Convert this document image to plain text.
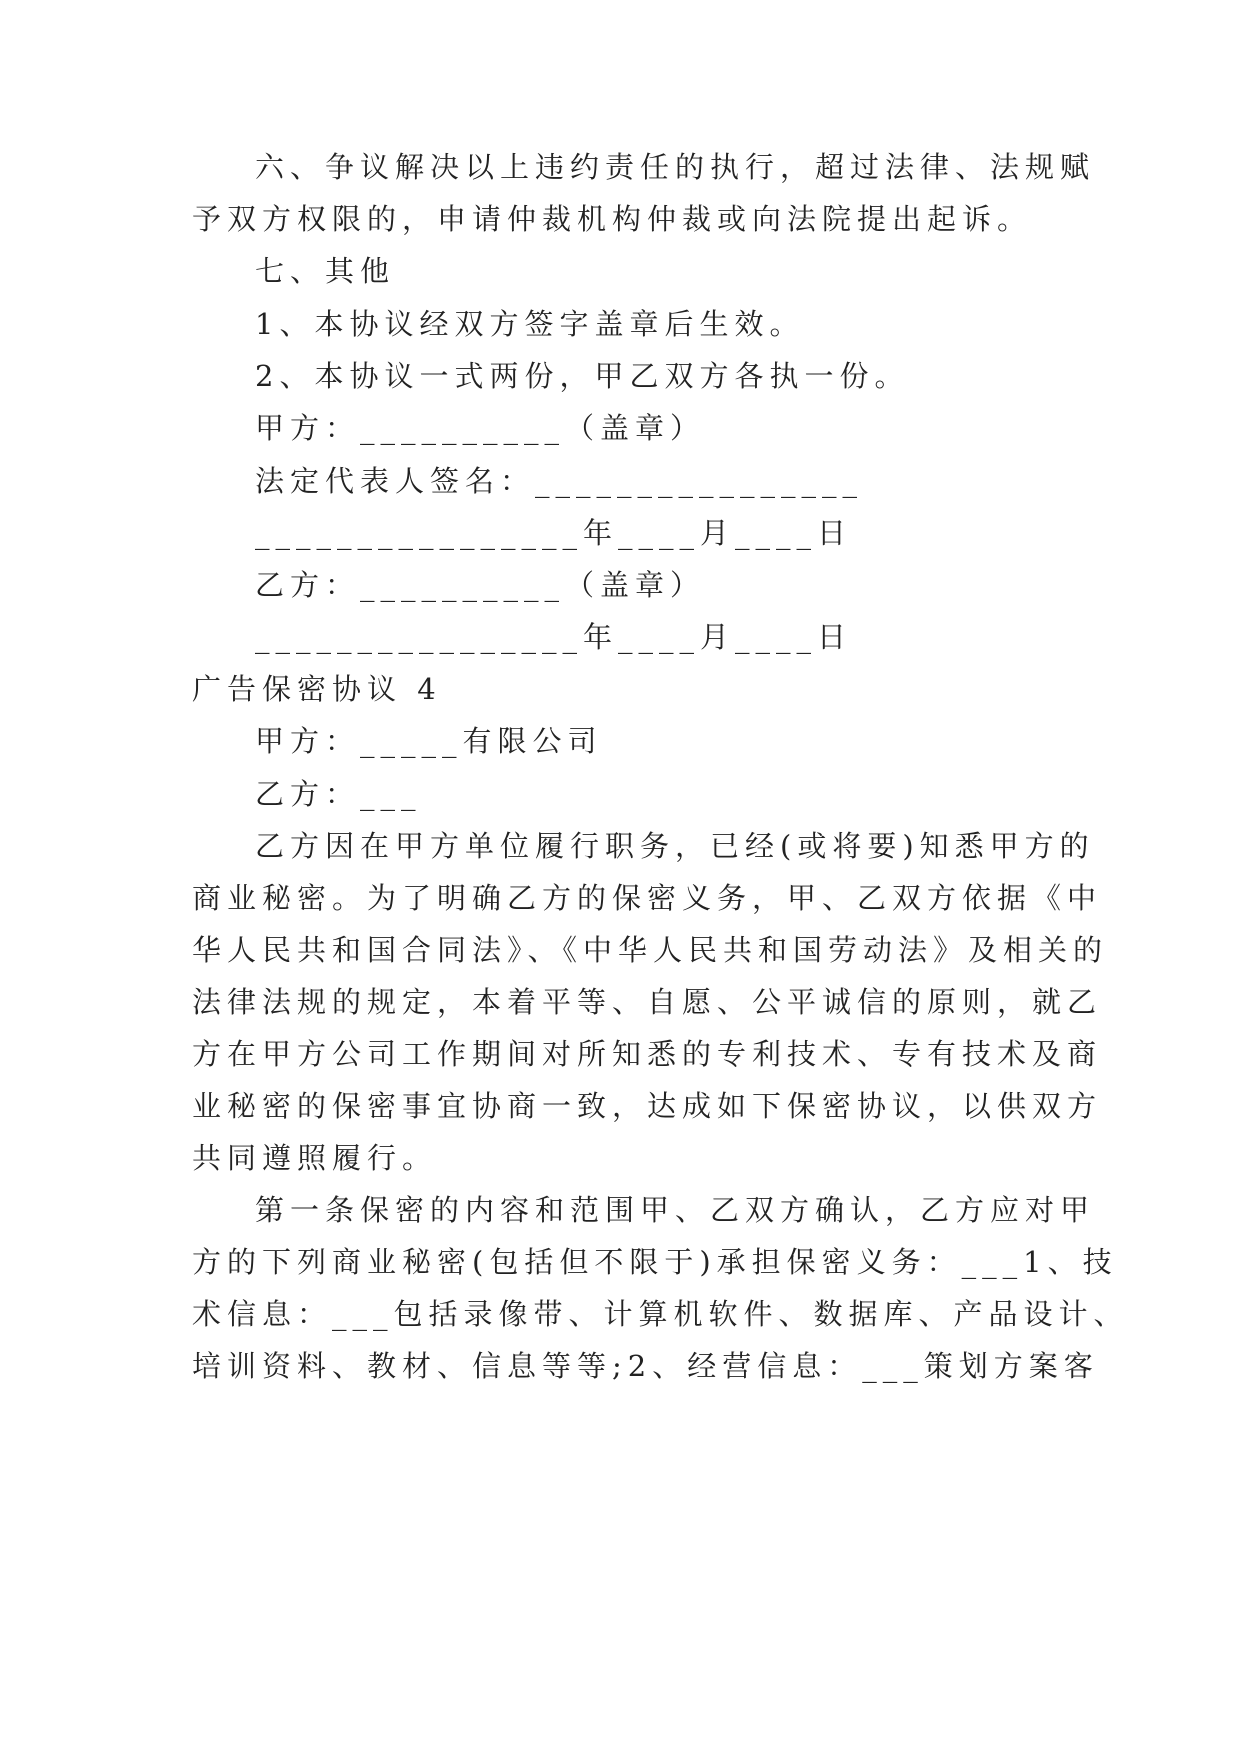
六、争议解决以上违约责任的执行，超过法律、法规赋
予双方权限的，申请仲裁机构仲裁或向法院提出起诉。
七、其他
1、本协议经双方签字盖章后生效。
2、本协议一式两份，甲乙双方各执一份。
甲方：__________（盖章）
法定代表人签名：________________
________________年____月____日
乙方：__________（盖章）
________________年____月____日
广告保密协议 4
甲方：_____有限公司
乙方：___
乙方因在甲方单位履行职务，已经(或将要)知悉甲方的
商业秘密。为了明确乙方的保密义务，甲、乙双方依据《中
华人民共和国合同法》、《中华人民共和国劳动法》及相关的
法律法规的规定，本着平等、自愿、公平诚信的原则，就乙
方在甲方公司工作期间对所知悉的专利技术、专有技术及商
业秘密的保密事宜协商一致，达成如下保密协议，以供双方
共同遵照履行。
第一条保密的内容和范围甲、乙双方确认，乙方应对甲
方的下列商业秘密(包括但不限于)承担保密义务：___1、技
术信息：___包括录像带、计算机软件、数据库、产品设计、
培训资料、教材、信息等等;2、经营信息：___策划方案客
